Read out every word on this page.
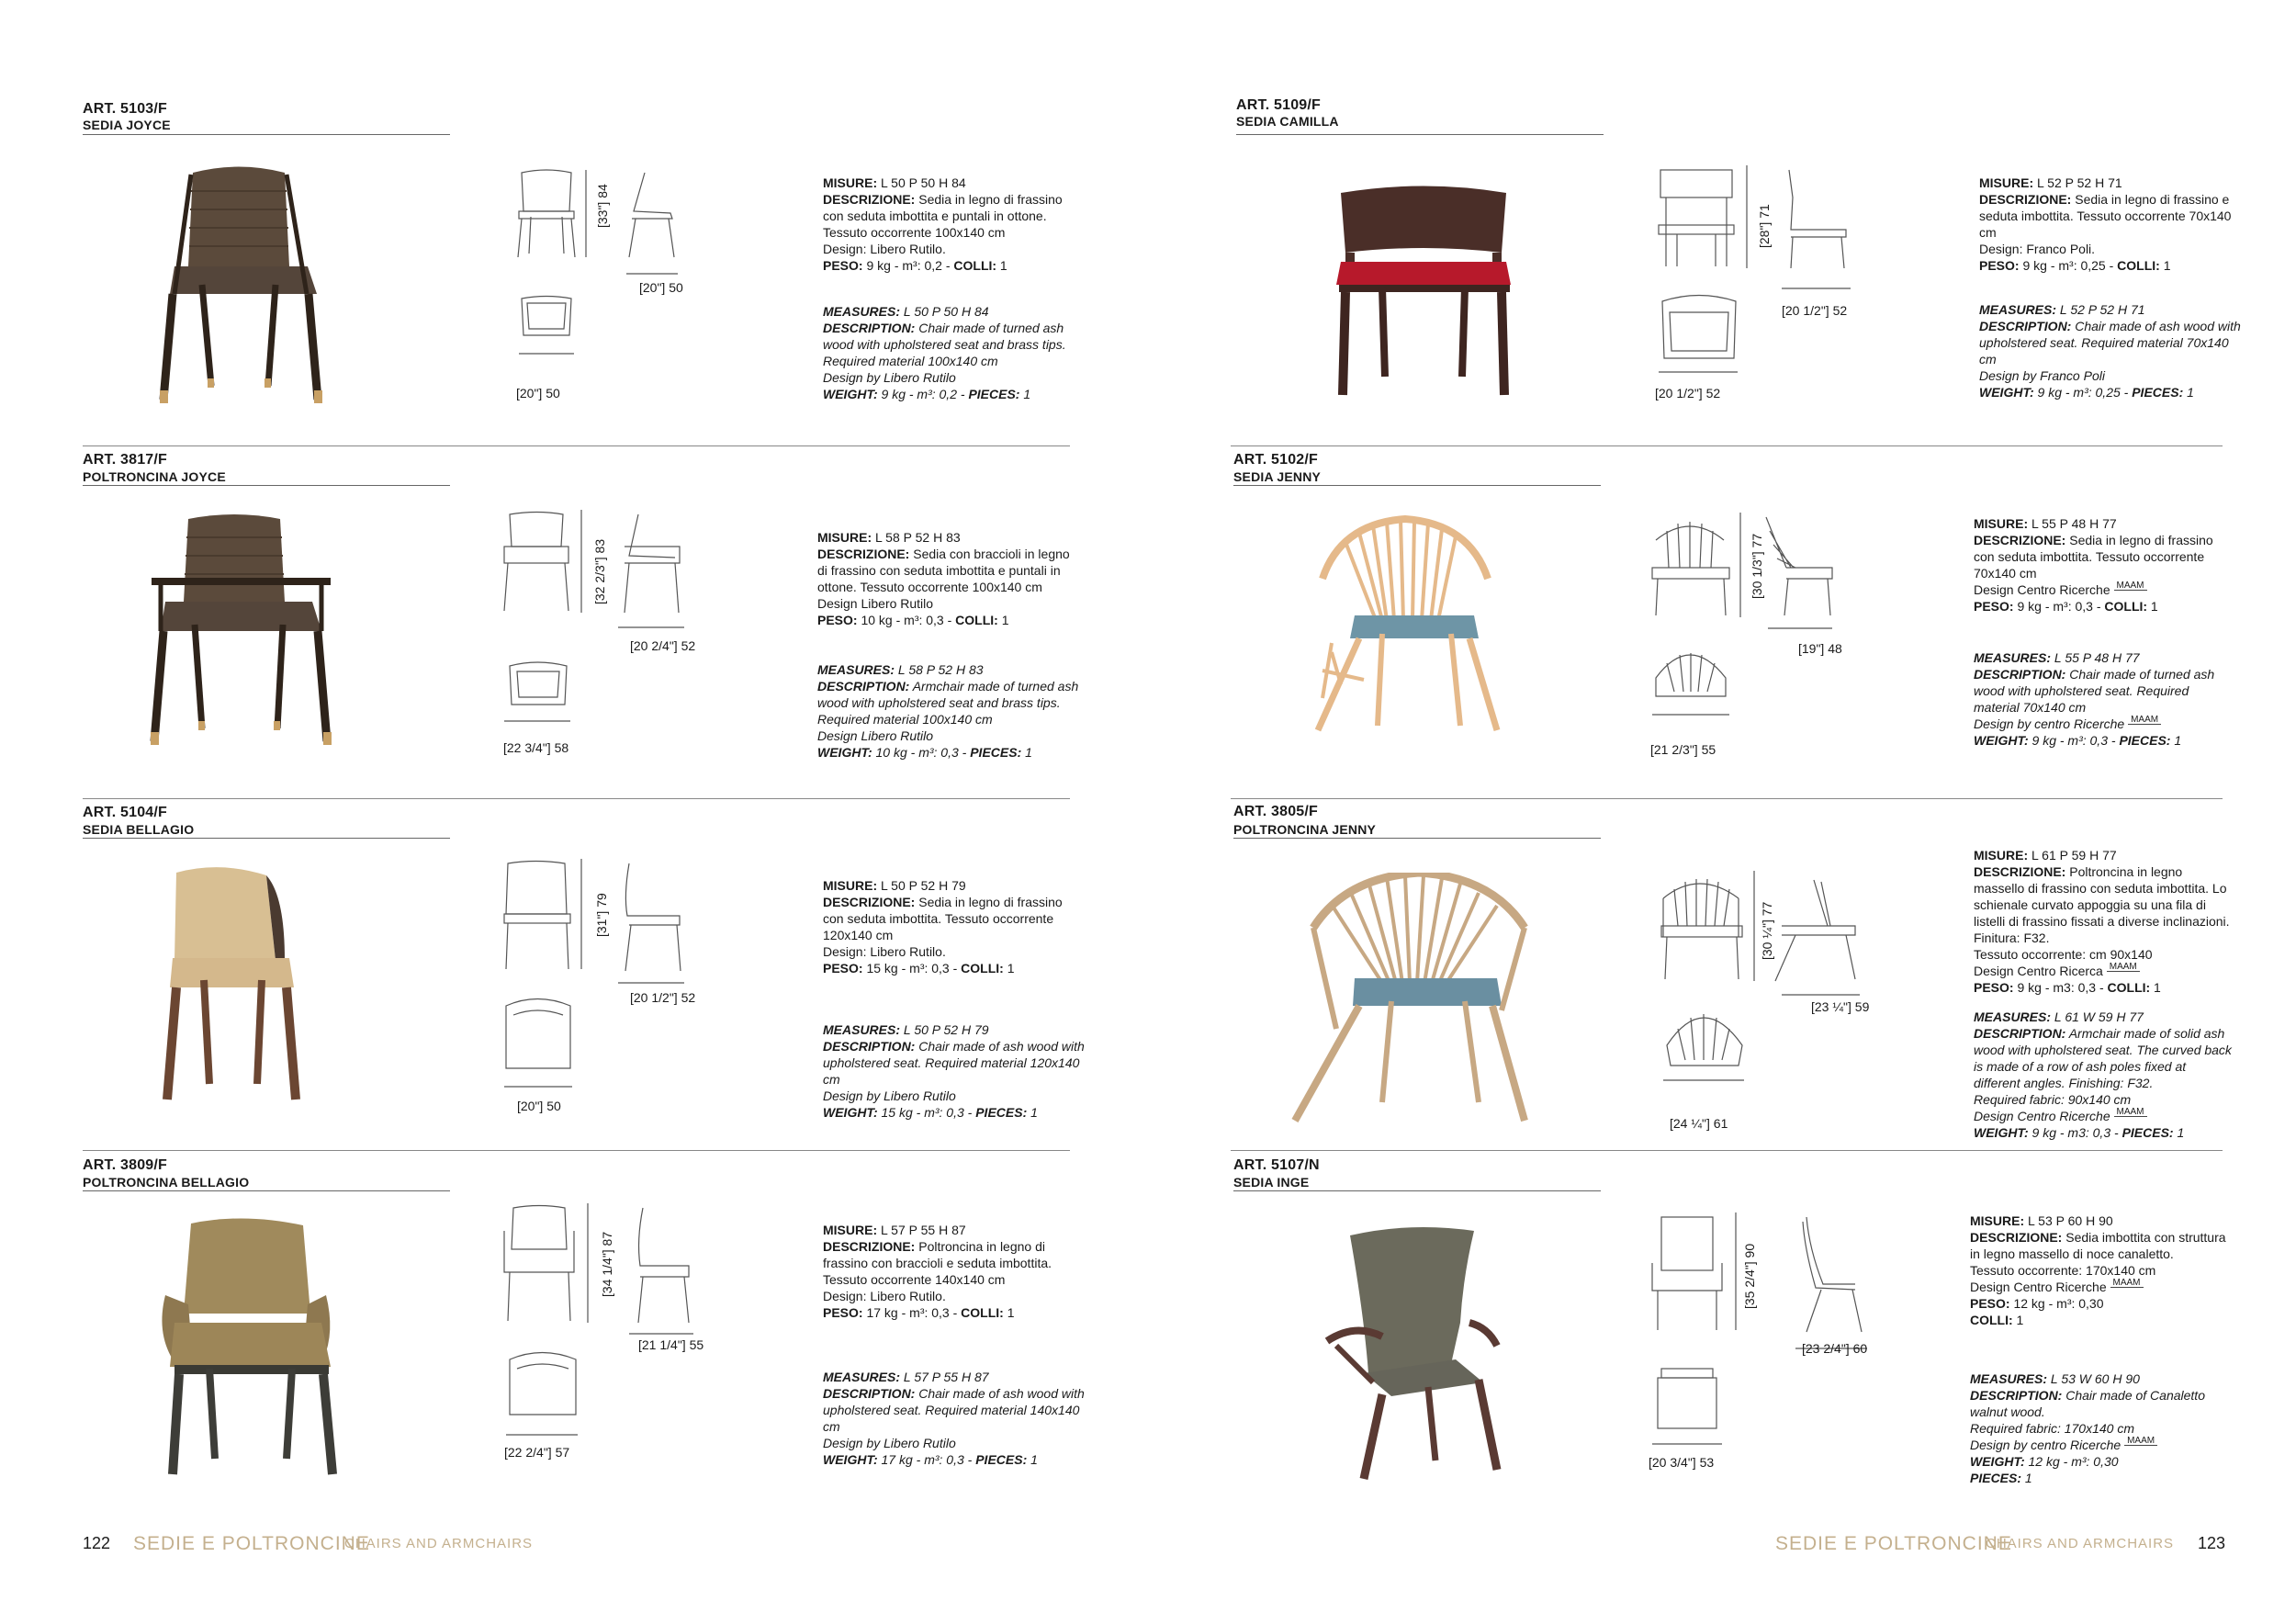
ART. 5103/F
SEDIA JOYCE
[33"] 84
[20"] 50
[20"] 50
MISURE: L 50 P 50 H 84
DESCRIZIONE: Sedia in legno di frassino con seduta imbottita e puntali in ottone.
Tessuto occorrente 100x140 cm
Design: Libero Rutilo.
PESO: 9 kg - m³: 0,2 - COLLI: 1
MEASURES: L 50 P 50 H 84
DESCRIPTION: Chair made of turned ash wood with upholstered seat and brass tips. Required material 100x140 cm
Design by Libero Rutilo
WEIGHT: 9 kg - m³: 0,2 - PIECES: 1
ART. 3817/F
POLTRONCINA JOYCE
[32 2/3"] 83
[20 2/4"] 52
[22 3/4"] 58
MISURE: L 58 P 52 H 83
DESCRIZIONE: Sedia con braccioli in legno di frassino con seduta imbottita e puntali in ottone. Tessuto occorrente 100x140 cm
Design Libero Rutilo
PESO: 10 kg - m³: 0,3 - COLLI: 1
MEASURES: L 58 P 52 H 83
DESCRIPTION: Armchair made of turned ash wood with upholstered seat and brass tips. Required material 100x140 cm
Design Libero Rutilo
WEIGHT: 10 kg - m³: 0,3 - PIECES: 1
ART. 5104/F
SEDIA BELLAGIO
[31"] 79
[20 1/2"] 52
[20"] 50
MISURE: L 50 P 52 H 79
DESCRIZIONE: Sedia in legno di frassino con seduta imbottita. Tessuto occorrente 120x140 cm
Design: Libero Rutilo.
PESO: 15 kg - m³: 0,3 - COLLI: 1
MEASURES: L 50 P 52 H 79
DESCRIPTION: Chair made of ash wood with upholstered seat. Required material 120x140 cm
Design by Libero Rutilo
WEIGHT: 15 kg - m³: 0,3 - PIECES: 1
ART. 3809/F
POLTRONCINA BELLAGIO
[34 1/4"] 87
[21 1/4"] 55
[22 2/4"] 57
MISURE: L 57 P 55 H 87
DESCRIZIONE: Poltroncina in legno di frassino con braccioli e seduta imbottita. Tessuto occorrente 140x140 cm
Design: Libero Rutilo.
PESO: 17 kg - m³: 0,3 - COLLI: 1
MEASURES: L 57 P 55 H 87
DESCRIPTION: Chair made of ash wood with upholstered seat. Required material 140x140 cm
Design by Libero Rutilo
WEIGHT: 17 kg - m³: 0,3 - PIECES: 1
ART. 5109/F
SEDIA CAMILLA
[28"] 71
[20 1/2"] 52
[20 1/2"] 52
MISURE: L 52 P 52 H 71
DESCRIZIONE: Sedia in legno di frassino e seduta imbottita. Tessuto occorrente 70x140 cm
Design: Franco Poli.
PESO: 9 kg - m³: 0,25 - COLLI: 1
MEASURES: L 52 P 52 H 71
DESCRIPTION: Chair made of ash wood with upholstered seat. Required material 70x140 cm
Design by Franco Poli
WEIGHT: 9 kg - m³: 0,25 - PIECES: 1
ART. 5102/F
SEDIA JENNY
[30 1/3"] 77
[19"] 48
[21 2/3"] 55
MISURE: L 55 P 48 H 77
DESCRIZIONE: Sedia in legno di frassino con seduta imbottita. Tessuto occorrente 70x140 cm
Design Centro Ricerche MAAM
PESO: 9 kg - m³: 0,3 - COLLI: 1
MEASURES: L 55 P 48 H 77
DESCRIPTION: Chair made of turned ash wood with upholstered seat. Required material 70x140 cm
Design by centro Ricerche MAAM
WEIGHT: 9 kg - m³: 0,3 - PIECES: 1
ART. 3805/F
POLTRONCINA JENNY
[30 ¼"] 77
[23 ¼"] 59
[24 ¼"] 61
MISURE: L 61 P 59 H 77
DESCRIZIONE: Poltroncina in legno massello di frassino con seduta imbottita. Lo schienale curvato appoggia su una fila di listelli di frassino fissati a diverse inclinazioni. Finitura: F32.
Tessuto occorrente: cm 90x140
Design Centro Ricerca MAAM
PESO: 9 kg - m3: 0,3 - COLLI: 1
MEASURES: L 61 W 59 H 77
DESCRIPTION: Armchair made of solid ash wood with upholstered seat. The curved back is made of a row of ash poles fixed at different angles. Finishing: F32.
Required fabric: 90x140 cm
Design Centro Ricerche MAAM
WEIGHT: 9 kg - m3: 0,3 - PIECES: 1
ART. 5107/N
SEDIA INGE
[35 2/4"] 90
[23 2/4"] 60
[20 3/4"] 53
MISURE: L 53 P 60 H 90
DESCRIZIONE: Sedia imbottita con struttura in legno massello di noce canaletto.
Tessuto occorrente: 170x140 cm
Design Centro Ricerche MAAM
PESO: 12 kg - m³: 0,30
COLLI: 1
MEASURES: L 53 W 60 H 90
DESCRIPTION: Chair made of Canaletto walnut wood.
Required fabric: 170x140 cm
Design by centro Ricerche MAAM
WEIGHT: 12 kg - m³: 0,30
PIECES: 1
122 SEDIE E POLTRONCINE
CHAIRS AND ARMCHAIRS	SEDIE E POLTRONCINE
CHAIRS AND ARMCHAIRS 123
